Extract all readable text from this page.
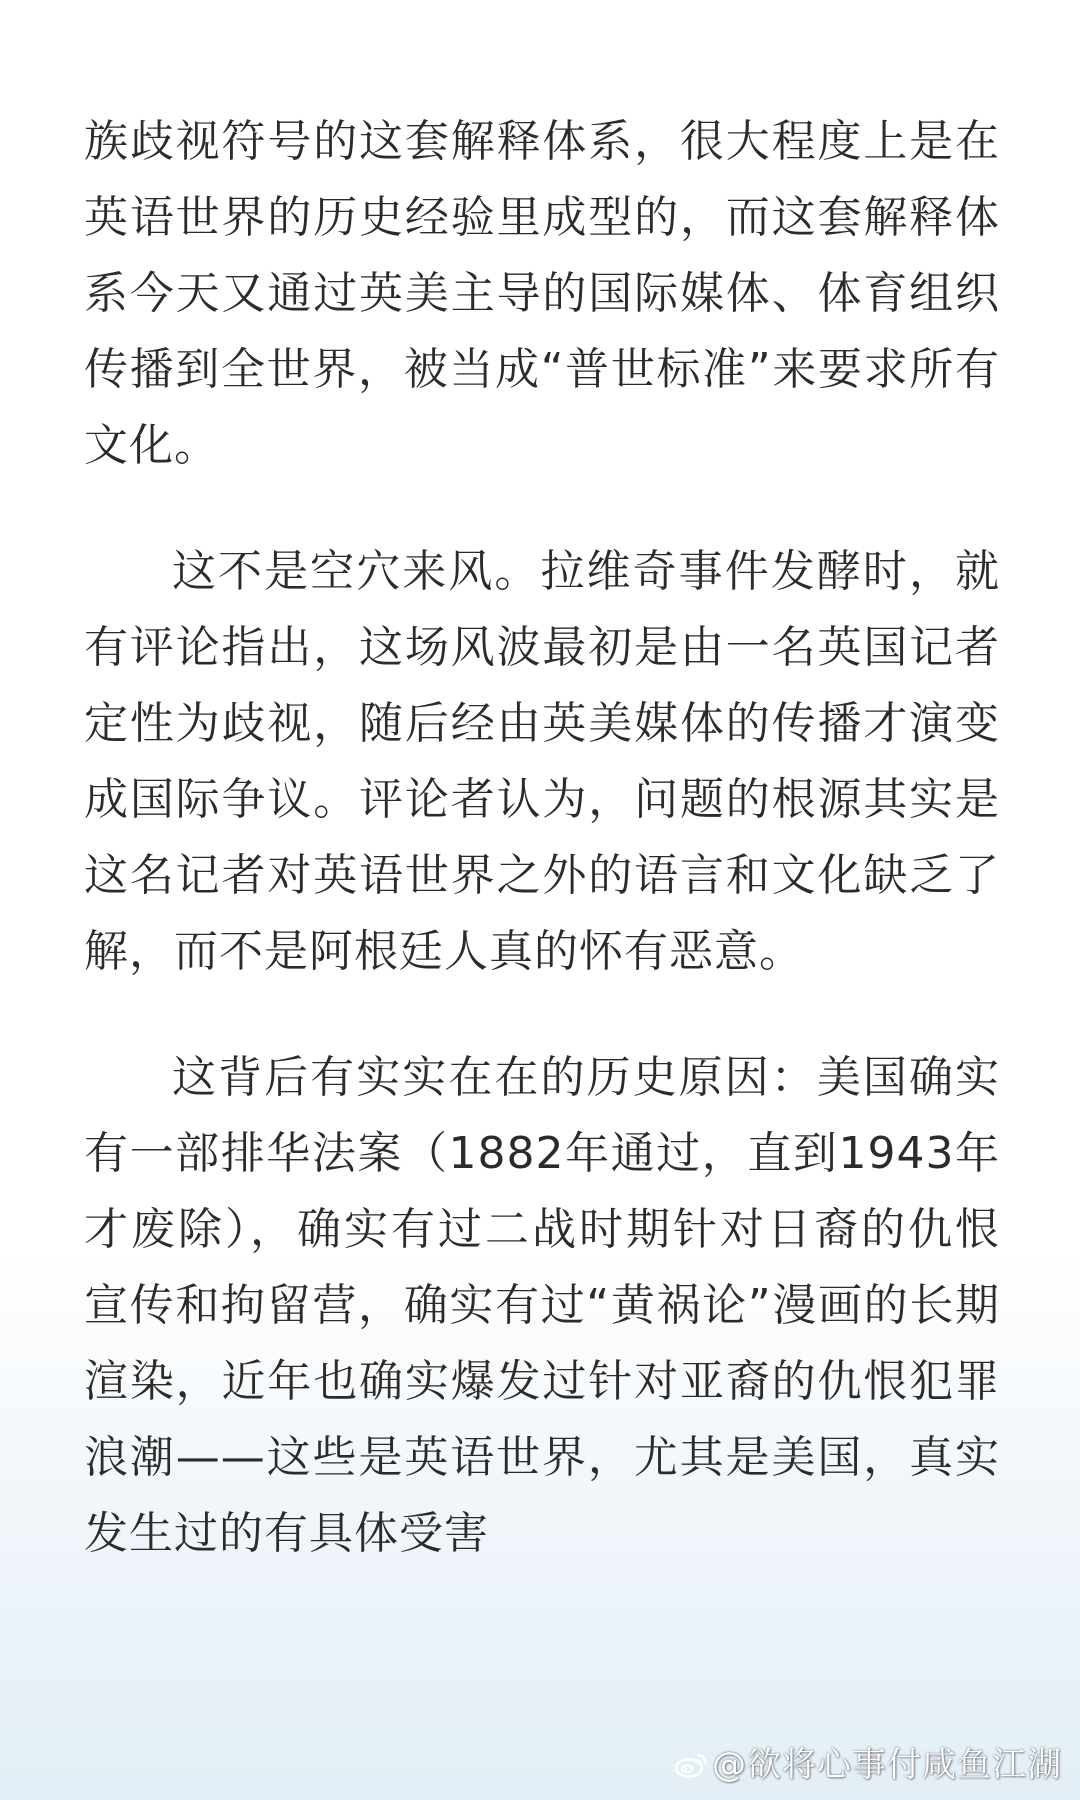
族歧视符号的这套解释体系，很大程度上是在英语世界的历史经验里成型的，而这套解释体系今天又通过英美主导的国际媒体、体育组织传播到全世界，被当成“普世标准”来要求所有文化。

这不是空穴来风。拉维奇事件发酵时，就有评论指出，这场风波最初是由一名英国记者定性为歧视，随后经由英美媒体的传播才演变成国际争议。评论者认为，问题的根源其实是这名记者对英语世界之外的语言和文化缺乏了解，而不是阿根廷人真的怀有恶意。

这背后有实实在在的历史原因：美国确实有一部排华法案（1882年通过，直到1943年才废除），确实有过二战时期针对日裔的仇恨宣传和拘留营，确实有过“黄祸论”漫画的长期渲染，近年也确实爆发过针对亚裔的仇恨犯罪浪潮——这些是英语世界，尤其是美国，真实发生过的有具体受害

@欲将心事付咸鱼江湖
